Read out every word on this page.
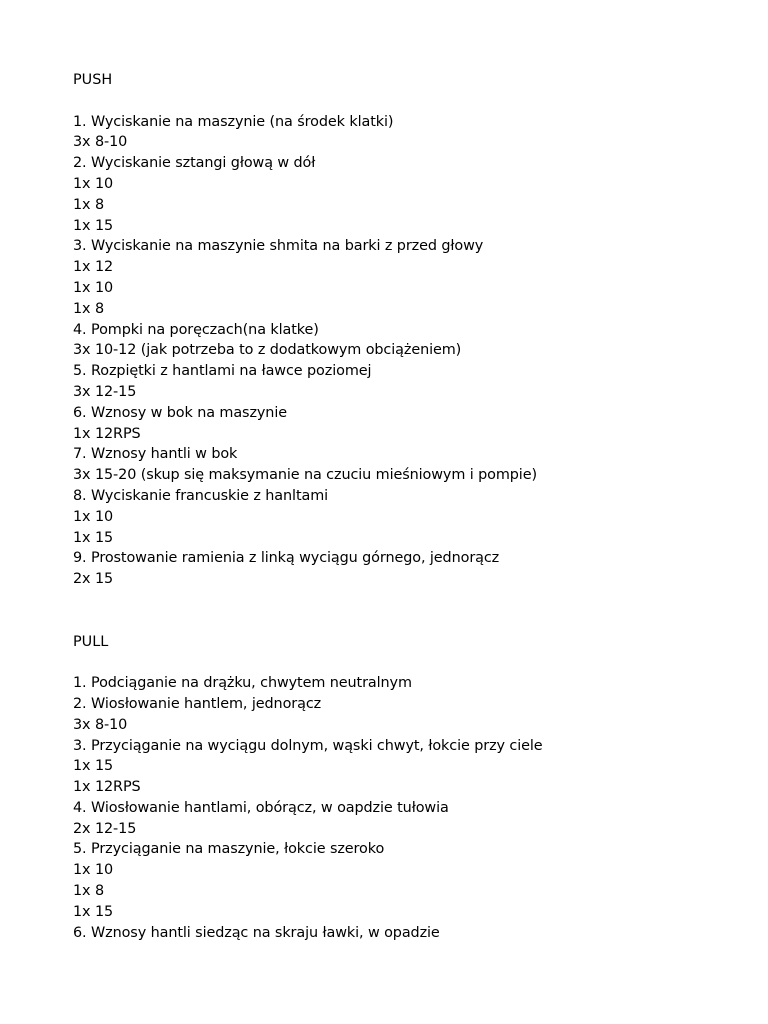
PUSH
1. Wyciskanie na maszynie (na środek klatki)
3x 8-10
2. Wyciskanie sztangi głową w dół
1x 10
1x 8
1x 15
3. Wyciskanie na maszynie shmita na barki z przed głowy
1x 12
1x 10
1x 8
4. Pompki na poręczach(na klatke)
3x 10-12 (jak potrzeba to z dodatkowym obciążeniem)
5. Rozpiętki z hantlami na ławce poziomej
3x 12-15
6. Wznosy w bok na maszynie
1x 12RPS
7. Wznosy hantli w bok
3x 15-20 (skup się maksymanie na czuciu mieśniowym i pompie)
8. Wyciskanie francuskie z hanltami
1x 10
1x 15
9. Prostowanie ramienia z linką wyciągu górnego, jednorącz
2x 15
PULL
1. Podciąganie na drążku, chwytem neutralnym
2. Wiosłowanie hantlem, jednorącz
3x 8-10
3. Przyciąganie na wyciągu dolnym, wąski chwyt, łokcie przy ciele
1x 15
1x 12RPS
4. Wiosłowanie hantlami, obórącz, w oapdzie tułowia
2x 12-15
5. Przyciąganie na maszynie, łokcie szeroko
1x 10
1x 8
1x 15
6. Wznosy hantli siedząc na skraju ławki, w opadzie
